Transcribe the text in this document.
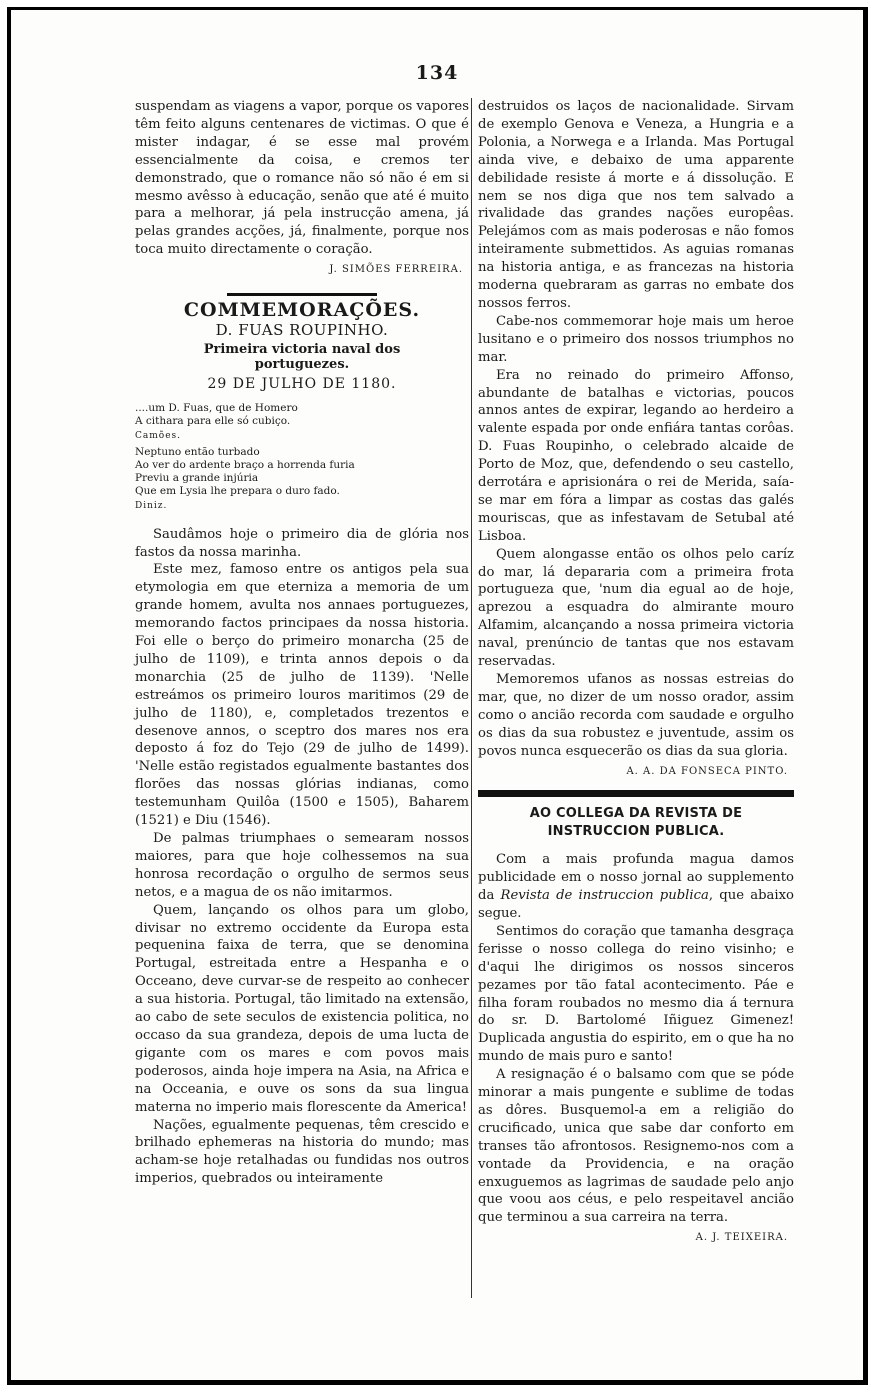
134

suspendam as viagens a vapor, porque os vapores têm feito alguns centenares de victimas. O que é mister indagar, é se esse mal provém essencialmente da coisa, e cremos ter demonstrado, que o romance não só não é em si mesmo avêsso à educação, senão que até é muito para a melhorar, já pela instrucção amena, já pelas grandes acções, já, finalmente, porque nos toca muito directamente o coração.

J. SIMÕES FERREIRA.
COMMEMORAÇÕES.
D. FUAS ROUPINHO.
Primeira victoria naval dos portuguezes.
29 DE JULHO DE 1180.

....um D. Fuas, que de Homero

A cithara para elle só cubiço.

Camões.

Neptuno então turbado

Ao ver do ardente braço a horrenda furia

Previu a grande injúria

Que em Lysia lhe prepara o duro fado.

Diniz.

Saudâmos hoje o primeiro dia de glória nos fastos da nossa marinha.

Este mez, famoso entre os antigos pela sua etymologia em que eterniza a memoria de um grande homem, avulta nos annaes portuguezes, memorando factos principaes da nossa historia. Foi elle o berço do primeiro monarcha (25 de julho de 1109), e trinta annos depois o da monarchia (25 de julho de 1139). 'Nelle estreámos os primeiro louros maritimos (29 de julho de 1180), e, completados trezentos e desenove annos, o sceptro dos mares nos era deposto á foz do Tejo (29 de julho de 1499). 'Nelle estão registados egualmente bastantes dos florões das nossas glórias indianas, como testemunham Quilôa (1500 e 1505), Baharem (1521) e Diu (1546).

De palmas triumphaes o semearam nossos maiores, para que hoje colhessemos na sua honrosa recordação o orgulho de sermos seus netos, e a magua de os não imitarmos.

Quem, lançando os olhos para um globo, divisar no extremo occidente da Europa esta pequenina faixa de terra, que se denomina Portugal, estreitada entre a Hespanha e o Occeano, deve curvar-se de respeito ao conhecer a sua historia. Portugal, tão limitado na extensão, ao cabo de sete seculos de existencia politica, no occaso da sua grandeza, depois de uma lucta de gigante com os mares e com povos mais poderosos, ainda hoje impera na Asia, na Africa e na Occeania, e ouve os sons da sua lingua materna no imperio mais florescente da America!

Nações, egualmente pequenas, têm crescido e brilhado ephemeras na historia do mundo; mas acham-se hoje retalhadas ou fundidas nos outros imperios, quebrados ou inteiramente

destruidos os laços de nacionalidade. Sirvam de exemplo Genova e Veneza, a Hungria e a Polonia, a Norwega e a Irlanda. Mas Portugal ainda vive, e debaixo de uma apparente debilidade resiste á morte e á dissolução. E nem se nos diga que nos tem salvado a rivalidade das grandes nações europêas. Pelejámos com as mais poderosas e não fomos inteiramente submettidos. As aguias romanas na historia antiga, e as francezas na historia moderna quebraram as garras no embate dos nossos ferros.

Cabe-nos commemorar hoje mais um heroe lusitano e o primeiro dos nossos triumphos no mar.

Era no reinado do primeiro Affonso, abundante de batalhas e victorias, poucos annos antes de expirar, legando ao herdeiro a valente espada por onde enfiára tantas corôas. D. Fuas Roupinho, o celebrado alcaide de Porto de Moz, que, defendendo o seu castello, derrotára e aprisionára o rei de Merida, saía-se mar em fóra a limpar as costas das galés mouriscas, que as infestavam de Setubal até Lisboa.

Quem alongasse então os olhos pelo caríz do mar, lá depararia com a primeira frota portugueza que, 'num dia egual ao de hoje, aprezou a esquadra do almirante mouro Alfamim, alcançando a nossa primeira victoria naval, prenúncio de tantas que nos estavam reservadas.

Memoremos ufanos as nossas estreias do mar, que, no dizer de um nosso orador, assim como o ancião recorda com saudade e orgulho os dias da sua robustez e juventude, assim os povos nunca esquecerão os dias da sua gloria.

A. A. DA FONSECA PINTO.
AO COLLEGA DA REVISTA DE INSTRUCCION PUBLICA.

Com a mais profunda magua damos publicidade em o nosso jornal ao supplemento da Revista de instruccion publica, que abaixo segue.

Sentimos do coração que tamanha desgraça ferisse o nosso collega do reino visinho; e d'aqui lhe dirigimos os nossos sinceros pezames por tão fatal acontecimento. Páe e filha foram roubados no mesmo dia á ternura do sr. D. Bartolomé Iñiguez Gimenez! Duplicada angustia do espirito, em o que ha no mundo de mais puro e santo!

A resignação é o balsamo com que se póde minorar a mais pungente e sublime de todas as dôres. Busquemol-a em a religião do crucificado, unica que sabe dar conforto em transes tão afrontosos. Resignemo-nos com a vontade da Providencia, e na oração enxuguemos as lagrimas de saudade pelo anjo que voou aos céus, e pelo respeitavel ancião que terminou a sua carreira na terra.

A. J. TEIXEIRA.
